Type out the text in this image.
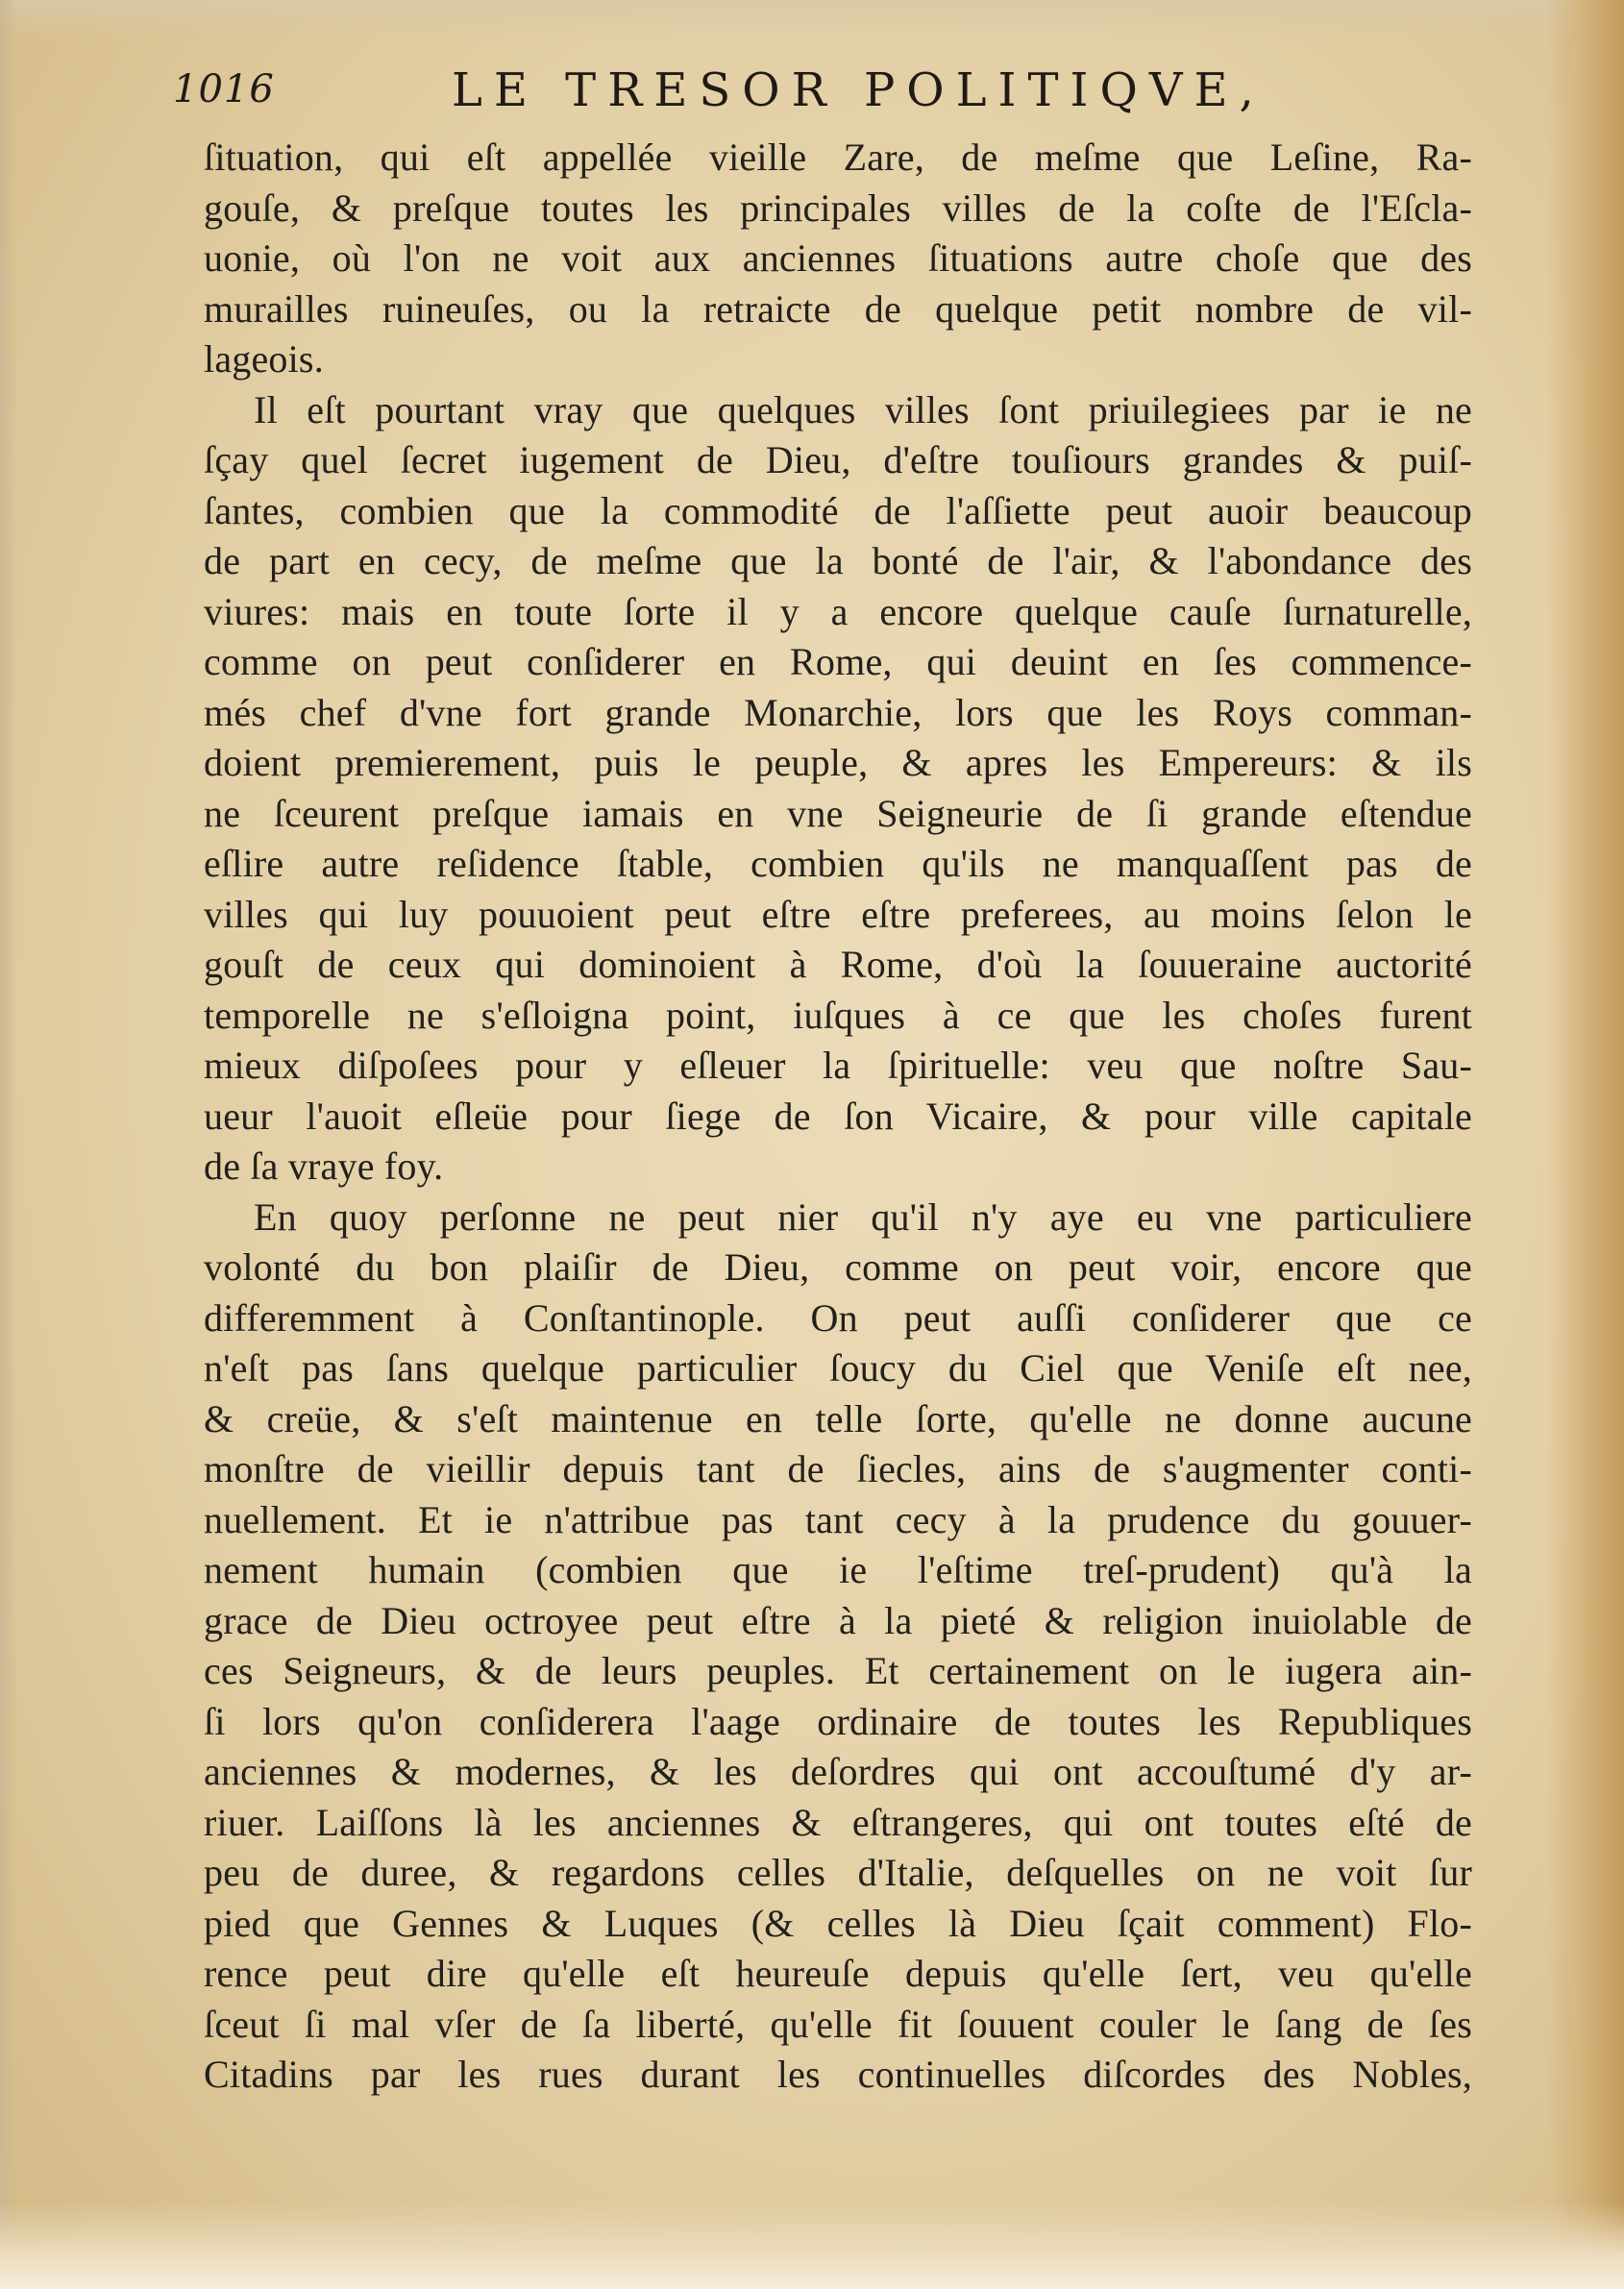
1016	LE TRESOR POLITIQVE,
ſituation, qui eſt appellée vieille Zare, de meſme que Leſine, Ra-
gouſe, & preſque toutes les principales villes de la coſte de l'Eſcla-
uonie, où l'on ne voit aux anciennes ſituations autre choſe que des
murailles ruineuſes, ou la retraicte de quelque petit nombre de vil-
lageois.
Il eſt pourtant vray que quelques villes ſont priuilegiees par ie ne
ſçay quel ſecret iugement de Dieu, d'eſtre touſiours grandes & puiſ-
ſantes, combien que la commodité de l'aſſiette peut auoir beaucoup
de part en cecy, de meſme que la bonté de l'air, & l'abondance des
viures: mais en toute ſorte il y a encore quelque cauſe ſurnaturelle,
comme on peut conſiderer en Rome, qui deuint en ſes commence-
més chef d'vne fort grande Monarchie, lors que les Roys comman-
doient premierement, puis le peuple, & apres les Empereurs: & ils
ne ſceurent preſque iamais en vne Seigneurie de ſi grande eſtendue
eſlire autre reſidence ſtable, combien qu'ils ne manquaſſent pas de
villes qui luy pouuoient peut eſtre eſtre preferees, au moins ſelon le
gouſt de ceux qui dominoient à Rome, d'où la ſouueraine auctorité
temporelle ne s'eſloigna point, iuſques à ce que les choſes furent
mieux diſpoſees pour y eſleuer la ſpirituelle: veu que noſtre Sau-
ueur l'auoit eſleüe pour ſiege de ſon Vicaire, & pour ville capitale
de ſa vraye foy.
En quoy perſonne ne peut nier qu'il n'y aye eu vne particuliere
volonté du bon plaiſir de Dieu, comme on peut voir, encore que
differemment à Conſtantinople. On peut auſſi conſiderer que ce
n'eſt pas ſans quelque particulier ſoucy du Ciel que Veniſe eſt nee,
& creüe, & s'eſt maintenue en telle ſorte, qu'elle ne donne aucune
monſtre de vieillir depuis tant de ſiecles, ains de s'augmenter conti-
nuellement. Et ie n'attribue pas tant cecy à la prudence du gouuer-
nement humain (combien que ie l'eſtime treſ-prudent) qu'à la
grace de Dieu octroyee peut eſtre à la pieté & religion inuiolable de
ces Seigneurs, & de leurs peuples. Et certainement on le iugera ain-
ſi lors qu'on conſiderera l'aage ordinaire de toutes les Republiques
anciennes & modernes, & les deſordres qui ont accouſtumé d'y ar-
riuer. Laiſſons là les anciennes & eſtrangeres, qui ont toutes eſté de
peu de duree, & regardons celles d'Italie, deſquelles on ne voit ſur
pied que Gennes & Luques (& celles là Dieu ſçait comment) Flo-
rence peut dire qu'elle eſt heureuſe depuis qu'elle ſert, veu qu'elle
ſceut ſi mal vſer de ſa liberté, qu'elle fit ſouuent couler le ſang de ſes
Citadins par les rues durant les continuelles diſcordes des Nobles,
